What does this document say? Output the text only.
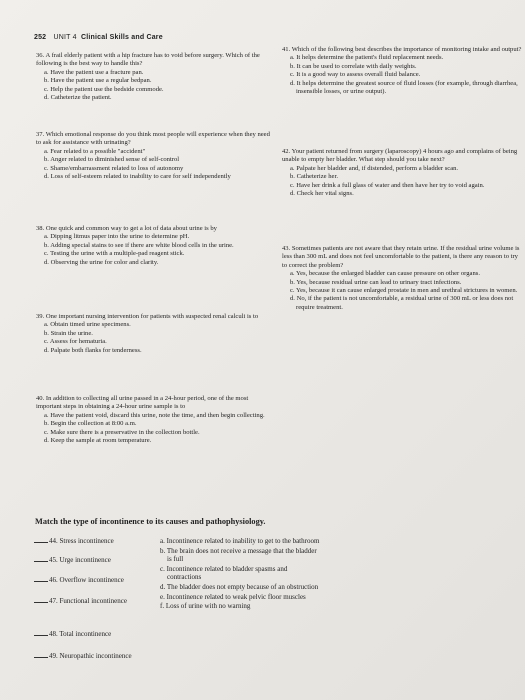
252 UNIT 4 Clinical Skills and Care
36. A frail elderly patient with a hip fracture has to void before surgery. Which of the following is the best way to handle this?
a. Have the patient use a fracture pan.
b. Have the patient use a regular bedpan.
c. Help the patient use the bedside commode.
d. Catheterize the patient.
37. Which emotional response do you think most people will experience when they need to ask for assistance with urinating?
a. Fear related to a possible "accident"
b. Anger related to diminished sense of self-control
c. Shame/embarrassment related to loss of autonomy
d. Loss of self-esteem related to inability to care for self independently
38. One quick and common way to get a lot of data about urine is by
a. Dipping litmus paper into the urine to determine pH.
b. Adding special stains to see if there are white blood cells in the urine.
c. Testing the urine with a multiple-pad reagent stick.
d. Observing the urine for color and clarity.
39. One important nursing intervention for patients with suspected renal calculi is to
a. Obtain timed urine specimens.
b. Strain the urine.
c. Assess for hematuria.
d. Palpate both flanks for tenderness.
40. In addition to collecting all urine passed in a 24-hour period, one of the most important steps in obtaining a 24-hour urine sample is to
a. Have the patient void, discard this urine, note the time, and then begin collecting.
b. Begin the collection at 8:00 a.m.
c. Make sure there is a preservative in the collection bottle.
d. Keep the sample at room temperature.
41. Which of the following best describes the importance of monitoring intake and output?
a. It helps determine the patient's fluid replacement needs.
b. It can be used to correlate with daily weights.
c. It is a good way to assess overall fluid balance.
d. It helps determine the greatest source of fluid losses (for example, through diarrhea, insensible losses, or urine output).
42. Your patient returned from surgery (laparoscopy) 4 hours ago and complains of being unable to empty her bladder. What step should you take next?
a. Palpate her bladder and, if distended, perform a bladder scan.
b. Catheterize her.
c. Have her drink a full glass of water and then have her try to void again.
d. Check her vital signs.
43. Sometimes patients are not aware that they retain urine. If the residual urine volume is less than 300 mL and does not feel uncomfortable to the patient, is there any reason to try to correct the problem?
a. Yes, because the enlarged bladder can cause pressure on other organs.
b. Yes, because residual urine can lead to urinary tract infections.
c. Yes, because it can cause enlarged prostate in men and urethral strictures in women.
d. No, if the patient is not uncomfortable, a residual urine of 300 mL or less does not require treatment.
Match the type of incontinence to its causes and pathophysiology.
44. Stress incontinence
45. Urge incontinence
46. Overflow incontinence
47. Functional incontinence
48. Total incontinence
49. Neuropathic incontinence
a. Incontinence related to inability to get to the bathroom
b. The brain does not receive a message that the bladder is full
c. Incontinence related to bladder spasms and contractions
d. The bladder does not empty because of an obstruction
e. Incontinence related to weak pelvic floor muscles
f. Loss of urine with no warning
